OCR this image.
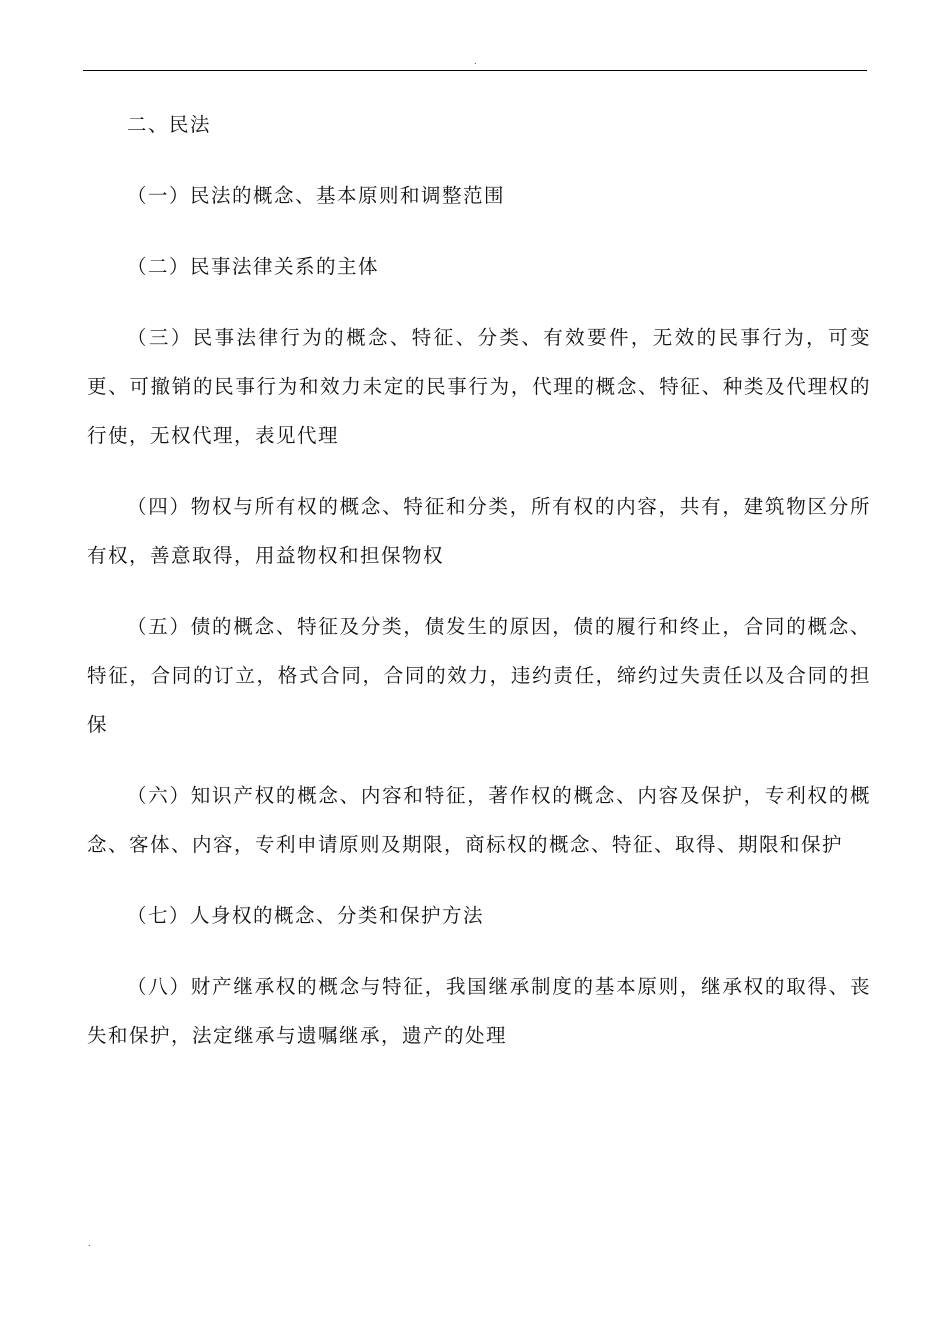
.

二、民法

（一）民法的概念、基本原则和调整范围

（二）民事法律关系的主体

（三）民事法律行为的概念、特征、分类、有效要件，无效的民事行为，可变更、可撤销的民事行为和效力未定的民事行为，代理的概念、特征、种类及代理权的行使，无权代理，表见代理

（四）物权与所有权的概念、特征和分类，所有权的内容，共有，建筑物区分所有权，善意取得，用益物权和担保物权

（五）债的概念、特征及分类，债发生的原因，债的履行和终止，合同的概念、特征，合同的订立，格式合同，合同的效力，违约责任，缔约过失责任以及合同的担保

（六）知识产权的概念、内容和特征，著作权的概念、内容及保护，专利权的概念、客体、内容，专利申请原则及期限，商标权的概念、特征、取得、期限和保护

（七）人身权的概念、分类和保护方法

（八）财产继承权的概念与特征，我国继承制度的基本原则，继承权的取得、丧失和保护，法定继承与遗嘱继承，遗产的处理

.
